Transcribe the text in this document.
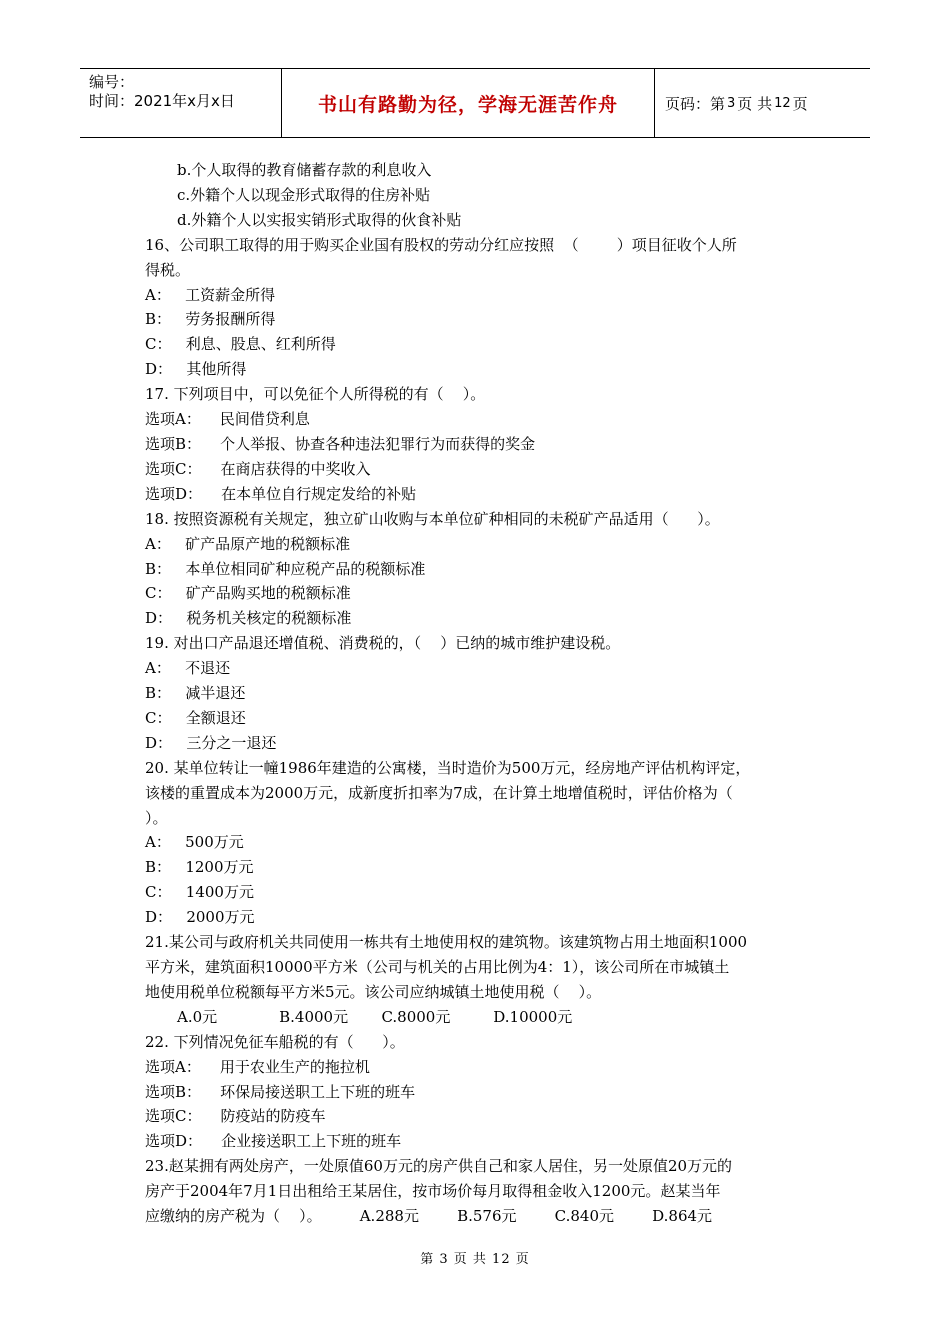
编号：
时间：2021年x月x日	书山有路勤为径，学海无涯苦作舟	页码：第 3 页 共 12 页

b.个人取得的教育储蓄存款的利息收入

c.外籍个人以现金形式取得的住房补贴

d.外籍个人以实报实销形式取得的伙食补贴

16、公司职工取得的用于购买企业国有股权的劳动分红应按照  （        ）项目征收个人所

得税。

A：   工资薪金所得

B：   劳务报酬所得

C：   利息、股息、红利所得

D：   其他所得

17. 下列项目中，可以免征个人所得税的有（    ）。

选项A：    民间借贷利息

选项B：    个人举报、协查各种违法犯罪行为而获得的奖金

选项C：    在商店获得的中奖收入

选项D：    在本单位自行规定发给的补贴

18. 按照资源税有关规定，独立矿山收购与本单位矿种相同的未税矿产品适用（      ）。

A：   矿产品原产地的税额标准

B：   本单位相同矿种应税产品的税额标准

C：   矿产品购买地的税额标准

D：   税务机关核定的税额标准

19. 对出口产品退还增值税、消费税的，（    ）已纳的城市维护建设税。

A：   不退还

B：   减半退还

C：   全额退还

D：   三分之一退还

20. 某单位转让一幢1986年建造的公寓楼，当时造价为500万元，经房地产评估机构评定，

该楼的重置成本为2000万元，成新度折扣率为7成，在计算土地增值税时，评估价格为（

）。

A：   500万元

B：   1200万元

C：   1400万元

D：   2000万元

21.某公司与政府机关共同使用一栋共有土地使用权的建筑物。该建筑物占用土地面积1000

平方米，建筑面积10000平方米（公司与机关的占用比例为4：1），该公司所在市城镇土

地使用税单位税额每平方米5元。该公司应纳城镇土地使用税（    ）。

A.0元             B.4000元       C.8000元         D.10000元

22. 下列情况免征车船税的有（      ）。

选项A：    用于农业生产的拖拉机

选项B：    环保局接送职工上下班的班车

选项C：    防疫站的防疫车

选项D：    企业接送职工上下班的班车

23.赵某拥有两处房产，一处原值60万元的房产供自己和家人居住，另一处原值20万元的

房产于2004年7月1日出租给王某居住，按市场价每月取得租金收入1200元。赵某当年

应缴纳的房产税为（    ）。        A.288元        B.576元        C.840元        D.864元

第 3 页 共 12 页
